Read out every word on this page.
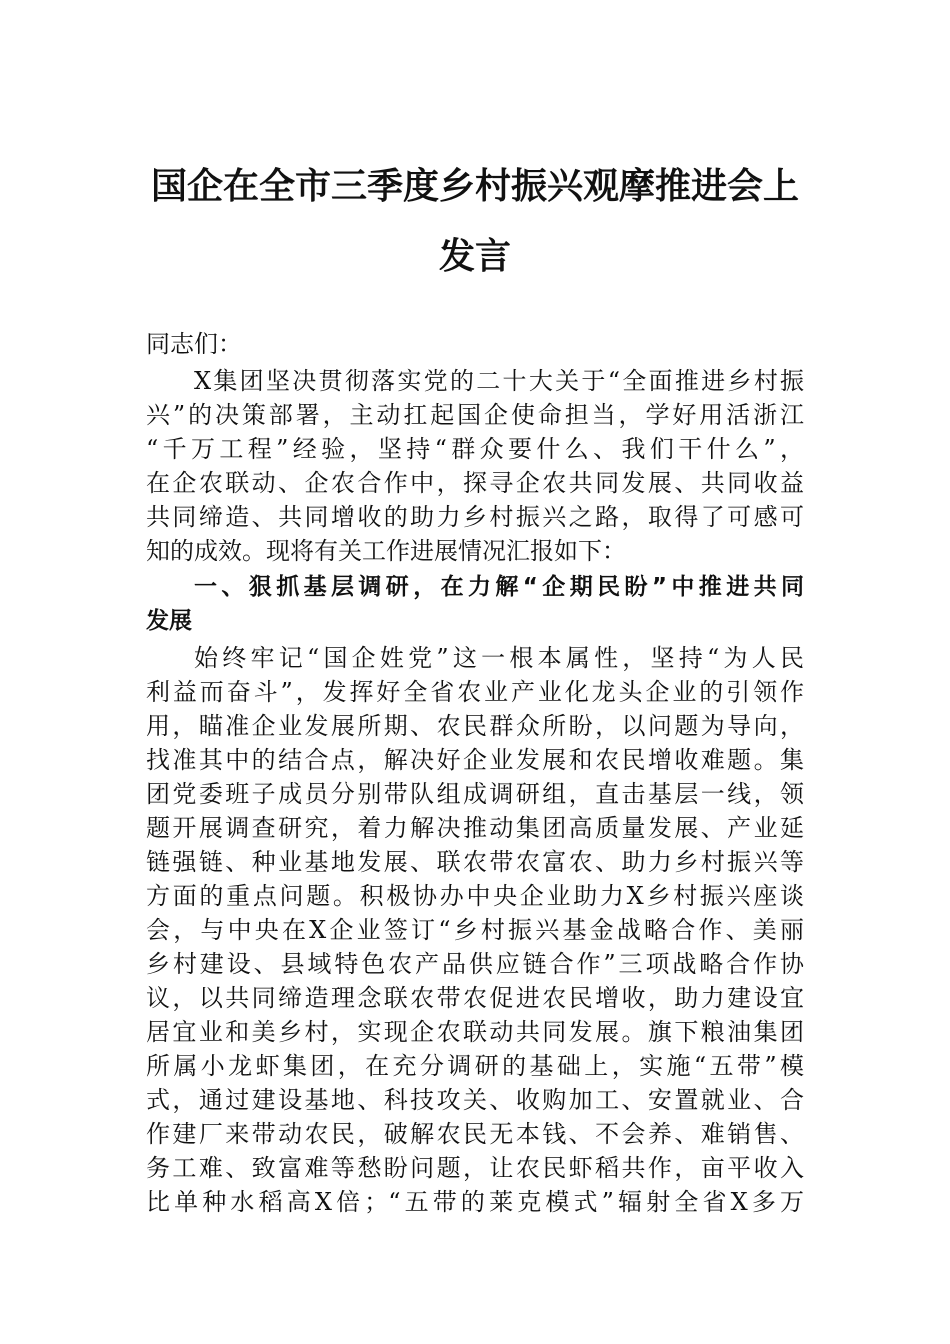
国企在全市三季度乡村振兴观摩推进会上
发言

同志们：

X集团坚决贯彻落实党的二十大关于“全面推进乡村振

兴”的决策部署，主动扛起国企使命担当，学好用活浙江

“千万工程”经验，坚持“群众要什么、我们干什么”，

在企农联动、企农合作中，探寻企农共同发展、共同收益

共同缔造、共同增收的助力乡村振兴之路，取得了可感可

知的成效。现将有关工作进展情况汇报如下：

一、狠抓基层调研，在力解“企期民盼”中推进共同

发展

始终牢记“国企姓党”这一根本属性，坚持“为人民

利益而奋斗”，发挥好全省农业产业化龙头企业的引领作

用，瞄准企业发展所期、农民群众所盼，以问题为导向，

找准其中的结合点，解决好企业发展和农民增收难题。集

团党委班子成员分别带队组成调研组，直击基层一线，领

题开展调查研究，着力解决推动集团高质量发展、产业延

链强链、种业基地发展、联农带农富农、助力乡村振兴等

方面的重点问题。积极协办中央企业助力X乡村振兴座谈

会，与中央在X企业签订“乡村振兴基金战略合作、美丽

乡村建设、县域特色农产品供应链合作”三项战略合作协

议，以共同缔造理念联农带农促进农民增收，助力建设宜

居宜业和美乡村，实现企农联动共同发展。旗下粮油集团

所属小龙虾集团，在充分调研的基础上，实施“五带”模

式，通过建设基地、科技攻关、收购加工、安置就业、合

作建厂来带动农民，破解农民无本钱、不会养、难销售、

务工难、致富难等愁盼问题，让农民虾稻共作，亩平收入

比单种水稻高X倍；“五带的莱克模式”辐射全省X多万
